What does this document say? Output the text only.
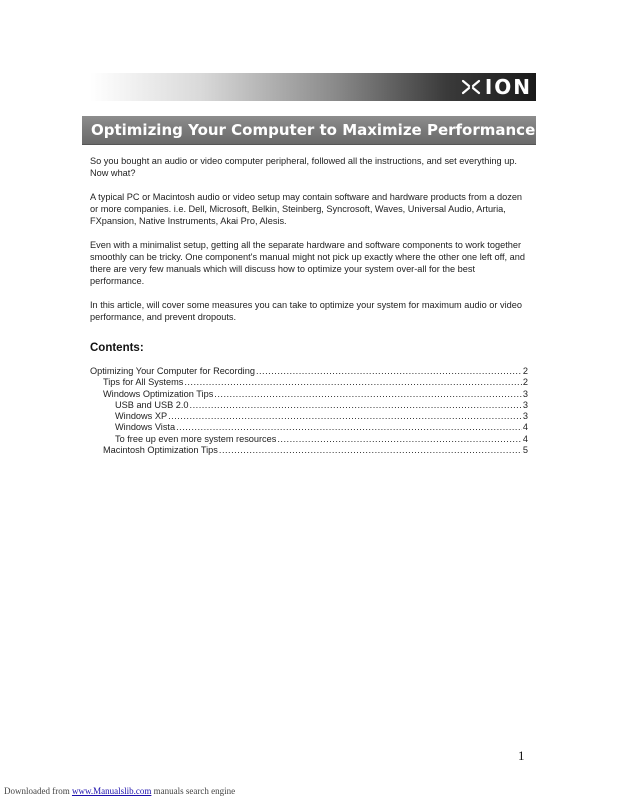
ION
Optimizing Your Computer to Maximize Performance

So you bought an audio or video computer peripheral, followed all the instructions, and set everything up. Now what?

A typical PC or Macintosh audio or video setup may contain software and hardware products from a dozen or more companies. i.e. Dell, Microsoft, Belkin, Steinberg, Syncrosoft, Waves, Universal Audio, Arturia, FXpansion, Native Instruments, Akai Pro, Alesis.

Even with a minimalist setup, getting all the separate hardware and software components to work together smoothly can be tricky. One component's manual might not pick up exactly where the other one left off, and there are very few manuals which will discuss how to optimize your system over-all for the best performance.

In this article, will cover some measures you can take to optimize your system for maximum audio or video performance, and prevent dropouts.

Contents:
Optimizing Your Computer for Recording .....	2
Tips for All Systems .....	2
Windows Optimization Tips .....	3
USB and USB 2.0 .....	3
Windows XP .....	3
Windows Vista .....	4
To free up even more system resources .....	4
Macintosh Optimization Tips .....	5
1
Downloaded from www.Manualslib.com manuals search engine
